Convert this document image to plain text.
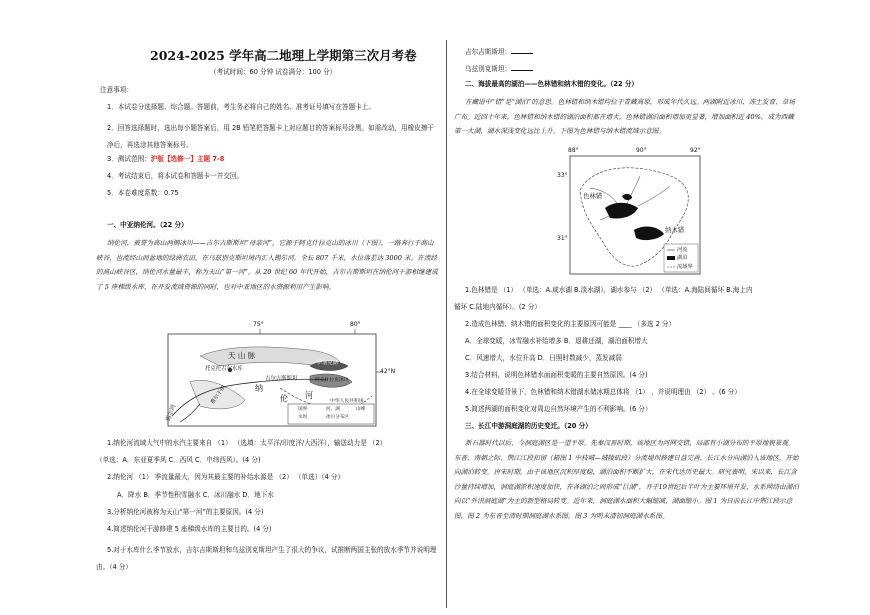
2024-2025 学年高二地理上学期第三次月考卷
（考试时间：60 分钟 试卷满分：100 分）
注意事项：
1．本试卷分选择题、综合题。答题前，考生务必将自己的姓名、准考证号填写在答题卡上。
2．回答选择题时，选出每小题答案后，用 2B 铅笔把答题卡上对应题目的答案标号涂黑。如需改动，用橡皮擦干净后，再选涂其他答案标号。
3．测试范围：沪版【选修一】主题 7-8
4．考试结束后，将本试卷和答题卡一并交回。
5．本卷难度系数：0.75
一、中亚纳伦河。（22 分）
纳伦河，被誉为高山两侧冰川——吉尔吉斯斯坦“母亲河”，它源于阿克什拉克山的冰川（下图），一路奔行于高山峡谷，也流经山间盆地的绿洲农田，在乌兹别克斯坦境内汇入锡尔河。全长 807 千米，水位落差达 3000 米。在流经的高山峡谷区，纳伦河水量最丰，称为天山“第一河”。从 20 世纪 60 年代开始，吉尔吉斯斯坦在纳伦河干游相继建成了 5 座梯级水库，在开发流域资源的同时，也对中亚地区的水资源利用产生影响。
75°	80°
42°N
天 山 脉
托克托古尔水库
伊塞克湖
吉尔吉斯斯坦	阿克什拉克冰川
纳
伦 河
费尔干纳
锡尔河
中华人民共和国
国界	河、湖	山峰
水坝	冰川分布区
1.纳伦河流域大气中的水汽主要来自 （1） （选填：太平洋/印度洋/大西洋），输送动力是 （2）
（单选：A．东亚夏季风 C．西风 C．中纬西风）。(4 分)
2.纳伦河 （1） 季流量最大，因为其最主要的补给水源是 （2） （单选）（4 分）
A．降水 B．季节性积雪融水 C．冰川融水 D．地下水
3.分析纳伦河被称为天山“第一河”的主要原因。(4 分)
4.简述纳伦河干游修建 5 座梯级水库的主要目的。(4 分)
5.对于水库什么季节放水，吉尔吉斯斯坦和乌兹别克斯坦产生了很大的争议，试推断两国主张的放水季节并说明理由。（4 分）
吉尔吉斯斯坦：
乌兹别克斯坦：
二、海拔最高的湖泊——色林错和纳木错的变化。（22 分）
在藏语中“错”是“湖泊”的意思。色林错和纳木错均位于青藏高原，形成年代久远。两湖附近冰川、冻土发育，草场广布。近四十年来，色林错和纳木错的湖泊面积都在增大，色林错湖泊面积增加更显著，增加面积近 40%，成为西藏第一大湖，湖水深浅变化远比上升。下图为色林错与纳木错流域示意图。
88°	90°	92°
33°
31°
色林错
纳木错
河流
湖泊
流域界
1.色林错是 （1） （单选：A.咸水湖 B.淡水湖），湖水参与 （2） （单选：A.海陆间循环 B.海上内
循环 C.陆地内循环）。(2 分）
2.造成色林错、纳木错的面积变化的主要原因可能是 ____ （多选 2 分）
A．全球变暖，冰雪融水补给增多 B．退耕还湖，湖泊面积增大
C．风速增大，水位升高 D．日照时数减少，蒸发减弱
3.结合材料，说明色林错水面面积变暖的主要自然原因。(4 分)
4.在全球变暖背景下，色林错和纳木错湖水储冰期总体将 （1） ，并说明理由 （2） 。(6 分）
5.简述两湖的面积变化对周边自然环境产生的不利影响。(6 分）
三、长江中游洞庭湖的历史变迁。（20 分）
新石器时代以后，今洞庭湖区是一望平原。先秦汉晋时期，该地区为河网交错、局部有小湖分布的平原地貌景观。东晋、南朝之际，荆江江段扣留（箱图 1 中枝城—城陵矶段）分流堤坝修建日益完善，长江水分向湖泊入该地区，开始向湖泊转变。唐宋时期，由于该地区沉积厚度稳，湖泊面积不断扩大，在宋代达历史最大。研究表明，宋以来，长江含沙量持续增加，洞庭湖淤积速度加快，在各湖泊之间形成“巨湖”，并于19世纪后半叶为主要环境开发，水系网络由湖泊向以“外汛洞庭湖”为主的新型格局转变。近年来，洞庭湖水面积大幅缩减，湖面缩小。图 1 为日前长江中荆江段示意图，图 2 为东晋至清时期洞庭湖水系图，图 3 为明末清初洞庭湖水系图。
